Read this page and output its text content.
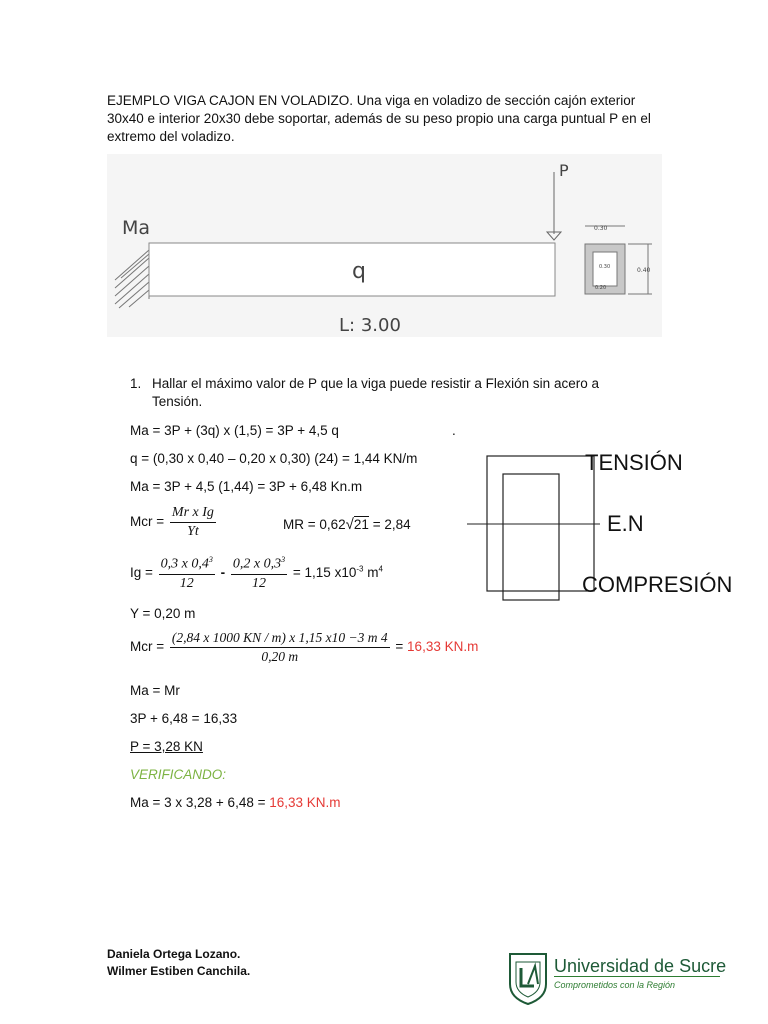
EJEMPLO VIGA CAJON EN VOLADIZO. Una viga en voladizo de sección cajón exterior 30x40 e interior 20x30 debe soportar, además de su peso propio una carga puntual P en el extremo del voladizo.
Ma
q
L: 3.00
P
0.30
0.30
0.20
0.40
1. Hallar el máximo valor de P que la viga puede resistir a Flexión sin acero a Tensión.
Ma = 3P + (3q) x (1,5) = 3P + 4,5 q	.
q = (0,30 x 0,40 – 0,20 x 0,30) (24) = 1,44 KN/m
Ma = 3P + 4,5 (1,44) = 3P + 6,48 Kn.m
Mcr = $\frac{\text{Mr x Ig}}{Yt}$	MR = 0,62√21 = 2,84
$Ig = \frac{0,3 x 0,4^3}{12} - \frac{0,2 x 0,3^3}{12} = 1,15$ $x10^{-3}$ $m^4$
Y = 0,20 m
Mcr = $\frac{(2,84 x 1000 KN / m) x 1,15 x10 -3 m 4}{0,20 m} = 16,33$ KN.m
Ma = Mr
3P + 6,48 = 16,33
P = 3,28 KN
VERIFICANDO:
Ma = 3 x 3,28 + 6,48 = 16,33 KN.m
TENSIÓN
E.N
COMPRESIÓN
Daniela Ortega Lozano.
Wilmer Estiben Canchila.	Universidad de Sucre
Comprometidos con la Región
